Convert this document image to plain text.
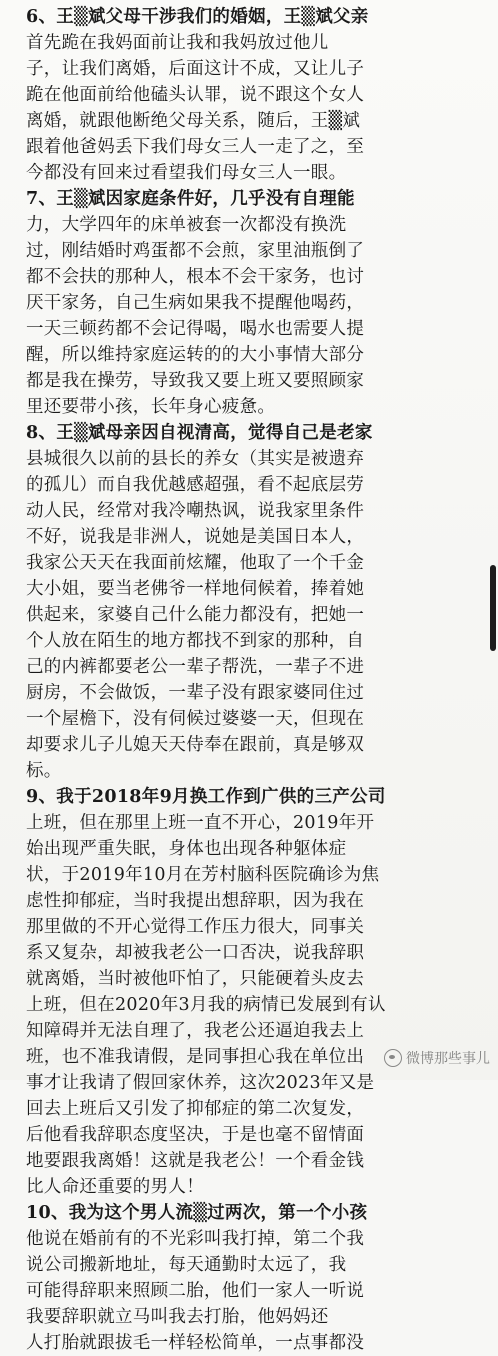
6、王▒斌父母干涉我们的婚姻，王▒斌父亲
首先跪在我妈面前让我和我妈放过他儿
子，让我们离婚，后面这计不成，又让儿子
跪在他面前给他磕头认罪，说不跟这个女人
离婚，就跟他断绝父母关系，随后，王▒斌
跟着他爸妈丢下我们母女三人一走了之，至
今都没有回来过看望我们母女三人一眼。
7、王▒斌因家庭条件好，几乎没有自理能
力，大学四年的床单被套一次都没有换洗
过，刚结婚时鸡蛋都不会煎，家里油瓶倒了
都不会扶的那种人，根本不会干家务，也讨
厌干家务，自己生病如果我不提醒他喝药，
一天三顿药都不会记得喝，喝水也需要人提
醒，所以维持家庭运转的的大小事情大部分
都是我在操劳，导致我又要上班又要照顾家
里还要带小孩，长年身心疲惫。
8、王▒斌母亲因自视清高，觉得自己是老家
县城很久以前的县长的养女（其实是被遗弃
的孤儿）而自我优越感超强，看不起底层劳
动人民，经常对我冷嘲热讽，说我家里条件
不好，说我是非洲人，说她是美国日本人，
我家公天天在我面前炫耀，他取了一个千金
大小姐，要当老佛爷一样地伺候着，捧着她
供起来，家婆自己什么能力都没有，把她一
个人放在陌生的地方都找不到家的那种，自
己的内裤都要老公一辈子帮洗，一辈子不进
厨房，不会做饭，一辈子没有跟家婆同住过
一个屋檐下，没有伺候过婆婆一天，但现在
却要求儿子儿媳天天侍奉在跟前，真是够双
标。
9、我于2018年9月换工作到广供的三产公司
上班，但在那里上班一直不开心，2019年开
始出现严重失眠，身体也出现各种躯体症
状，于2019年10月在芳村脑科医院确诊为焦
虑性抑郁症，当时我提出想辞职，因为我在
那里做的不开心觉得工作压力很大，同事关
系又复杂，却被我老公一口否决，说我辞职
就离婚，当时被他吓怕了，只能硬着头皮去
上班，但在2020年3月我的病情已发展到有认
知障碍并无法自理了，我老公还逼迫我去上
班，也不准我请假，是同事担心我在单位出
事才让我请了假回家休养，这次2023年又是
回去上班后又引发了抑郁症的第二次复发，
后他看我辞职态度坚决，于是也毫不留情面
地要跟我离婚！这就是我老公！一个看金钱
比人命还重要的男人！
10、我为这个男人流▒过两次，第一个小孩
他说在婚前有的不光彩叫我打掉，第二个我
说公司搬新地址，每天通勤时太远了，我
可能得辞职来照顾二胎，他们一家人一听说
我要辞职就立马叫我去打胎，他妈妈还
人打胎就跟拔毛一样轻松简单，一点事都没
微博那些事儿
